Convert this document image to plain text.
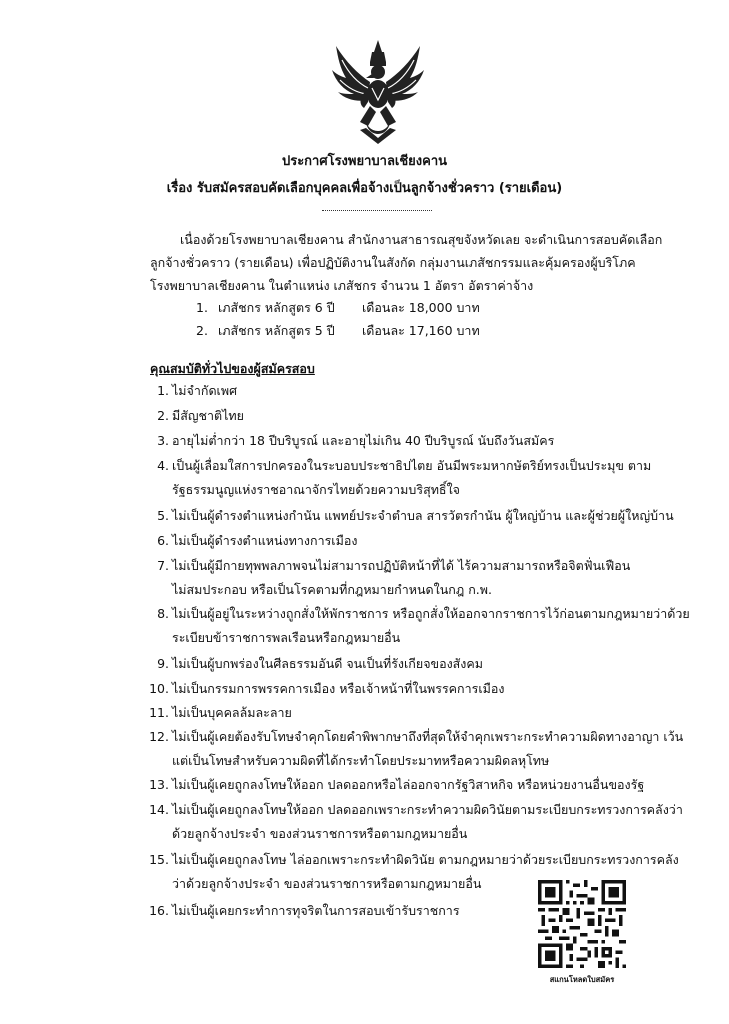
ประกาศโรงพยาบาลเชียงคาน
เรื่อง รับสมัครสอบคัดเลือกบุคคลเพื่อจ้างเป็นลูกจ้างชั่วคราว (รายเดือน)
เนื่องด้วยโรงพยาบาลเชียงคาน สำนักงานสาธารณสุขจังหวัดเลย จะดำเนินการสอบคัดเลือก
ลูกจ้างชั่วคราว (รายเดือน) เพื่อปฏิบัติงานในสังกัด กลุ่มงานเภสัชกรรมและคุ้มครองผู้บริโภค
โรงพยาบาลเชียงคาน ในตำแหน่ง เภสัชกร จำนวน 1 อัตรา อัตราค่าจ้าง
1. เภสัชกร หลักสูตร 6 ปี เดือนละ 18,000 บาท
2. เภสัชกร หลักสูตร 5 ปี เดือนละ 17,160 บาท
คุณสมบัติทั่วไปของผู้สมัครสอบ
1. ไม่จำกัดเพศ
2. มีสัญชาติไทย
3. อายุไม่ต่ำกว่า 18 ปีบริบูรณ์ และอายุไม่เกิน 40 ปีบริบูรณ์ นับถึงวันสมัคร
4. เป็นผู้เลื่อมใสการปกครองในระบอบประชาธิปไตย อันมีพระมหากษัตริย์ทรงเป็นประมุข ตาม
รัฐธรรมนูญแห่งราชอาณาจักรไทยด้วยความบริสุทธิ์ใจ
5. ไม่เป็นผู้ดำรงตำแหน่งกำนัน แพทย์ประจำตำบล สารวัตรกำนัน ผู้ใหญ่บ้าน และผู้ช่วยผู้ใหญ่บ้าน
6. ไม่เป็นผู้ดำรงตำแหน่งทางการเมือง
7. ไม่เป็นผู้มีกายทุพพลภาพจนไม่สามารถปฏิบัติหน้าที่ได้ ไร้ความสามารถหรือจิตฟั่นเฟือน
ไม่สมประกอบ หรือเป็นโรคตามที่กฎหมายกำหนดในกฎ ก.พ.
8. ไม่เป็นผู้อยู่ในระหว่างถูกสั่งให้พักราชการ หรือถูกสั่งให้ออกจากราชการไว้ก่อนตามกฎหมายว่าด้วย
ระเบียบข้าราชการพลเรือนหรือกฎหมายอื่น
9. ไม่เป็นผู้บกพร่องในศีลธรรมอันดี จนเป็นที่รังเกียจของสังคม
10. ไม่เป็นกรรมการพรรคการเมือง หรือเจ้าหน้าที่ในพรรคการเมือง
11. ไม่เป็นบุคคลล้มละลาย
12. ไม่เป็นผู้เคยต้องรับโทษจำคุกโดยคำพิพากษาถึงที่สุดให้จำคุกเพราะกระทำความผิดทางอาญา เว้น
แต่เป็นโทษสำหรับความผิดที่ได้กระทำโดยประมาทหรือความผิดลหุโทษ
13. ไม่เป็นผู้เคยถูกลงโทษให้ออก ปลดออกหรือไล่ออกจากรัฐวิสาหกิจ หรือหน่วยงานอื่นของรัฐ
14. ไม่เป็นผู้เคยถูกลงโทษให้ออก ปลดออกเพราะกระทำความผิดวินัยตามระเบียบกระทรวงการคลังว่า
ด้วยลูกจ้างประจำ ของส่วนราชการหรือตามกฎหมายอื่น
15. ไม่เป็นผู้เคยถูกลงโทษ ไล่ออกเพราะกระทำผิดวินัย ตามกฎหมายว่าด้วยระเบียบกระทรวงการคลัง
ว่าด้วยลูกจ้างประจำ ของส่วนราชการหรือตามกฎหมายอื่น
16. ไม่เป็นผู้เคยกระทำการทุจริตในการสอบเข้ารับราชการ
สแกนโหลดใบสมัคร
